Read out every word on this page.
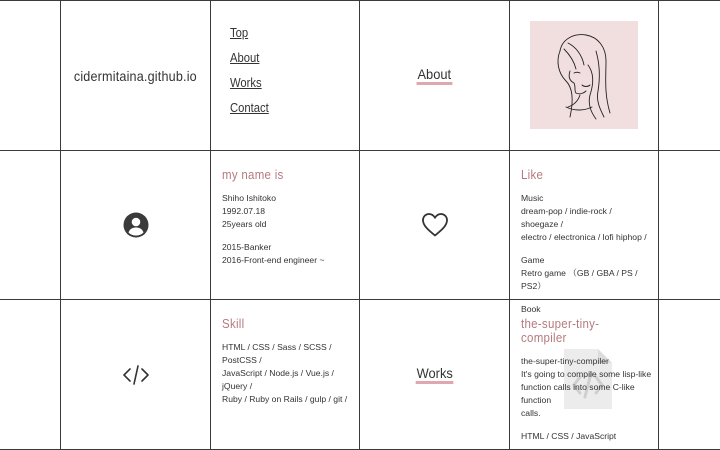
cidermitaina.github.io
Top
About
Works
Contact
About
my name is

Shiho Ishitoko

1992.07.18

25years old

2015-Banker

2016-Front-end engineer ~

Like

Music

dream-pop / indie-rock / shoegaze /

electro / electronica / lofi hiphop /

Game

Retro game （GB / GBA / PS / PS2）

Book

Skill

HTML / CSS / Sass / SCSS / PostCSS /

JavaScript / Node.js / Vue.js / jQuery /

Ruby / Ruby on Rails / gulp / git /

Works
the-super-tiny-compiler

the-super-tiny-compiler

It's going to compile some lisp-like

function calls into some C-like function

calls.

HTML / CSS / JavaScript
